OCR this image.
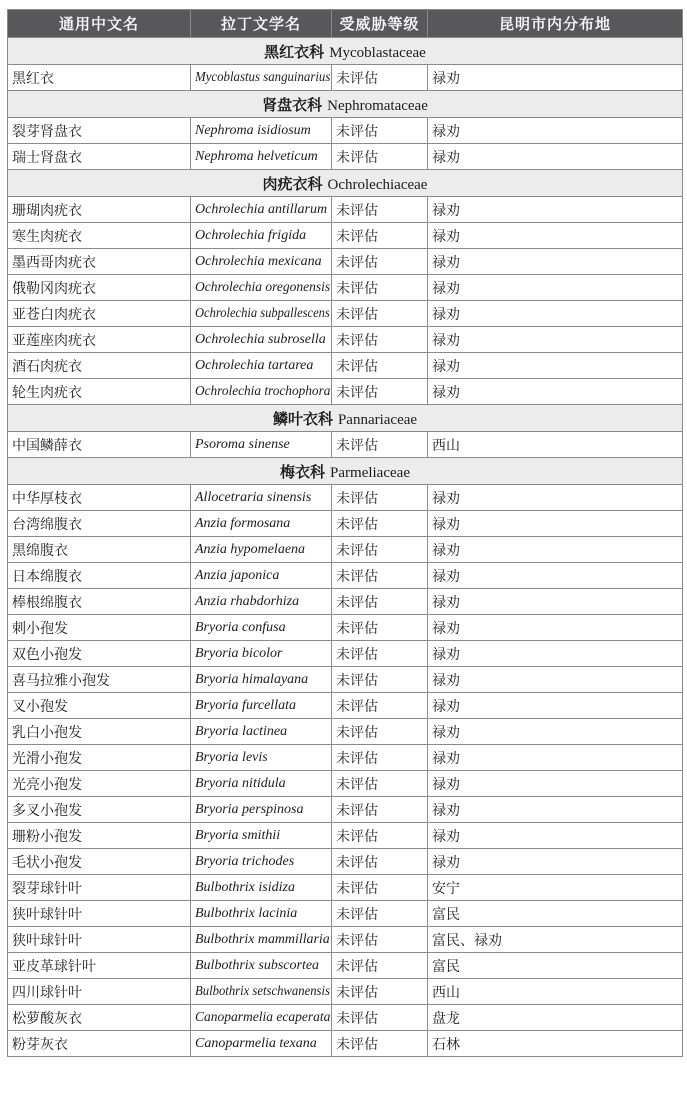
通用中文名	拉丁文学名	受威胁等级	昆明市内分布地
黑红衣科 Mycoblastaceae			
黑红衣	Mycoblastus sanguinarius	未评估	禄劝
肾盘衣科 Nephromataceae			
裂芽肾盘衣	Nephroma isidiosum	未评估	禄劝
瑞士肾盘衣	Nephroma helveticum	未评估	禄劝
肉疣衣科 Ochrolechiaceae			
珊瑚肉疣衣	Ochrolechia antillarum	未评估	禄劝
寒生肉疣衣	Ochrolechia frigida	未评估	禄劝
墨西哥肉疣衣	Ochrolechia mexicana	未评估	禄劝
俄勒冈肉疣衣	Ochrolechia oregonensis	未评估	禄劝
亚苍白肉疣衣	Ochrolechia subpallescens	未评估	禄劝
亚莲座肉疣衣	Ochrolechia subrosella	未评估	禄劝
酒石肉疣衣	Ochrolechia tartarea	未评估	禄劝
轮生肉疣衣	Ochrolechia trochophora	未评估	禄劝
鳞叶衣科 Pannariaceae			
中国鳞薛衣	Psoroma sinense	未评估	西山
梅衣科 Parmeliaceae			
中华厚枝衣	Allocetraria sinensis	未评估	禄劝
台湾绵腹衣	Anzia formosana	未评估	禄劝
黑绵腹衣	Anzia hypomelaena	未评估	禄劝
日本绵腹衣	Anzia japonica	未评估	禄劝
棒根绵腹衣	Anzia rhabdorhiza	未评估	禄劝
刺小孢发	Bryoria confusa	未评估	禄劝
双色小孢发	Bryoria bicolor	未评估	禄劝
喜马拉雅小孢发	Bryoria himalayana	未评估	禄劝
叉小孢发	Bryoria furcellata	未评估	禄劝
乳白小孢发	Bryoria lactinea	未评估	禄劝
光滑小孢发	Bryoria levis	未评估	禄劝
光亮小孢发	Bryoria nitidula	未评估	禄劝
多叉小孢发	Bryoria perspinosa	未评估	禄劝
珊粉小孢发	Bryoria smithii	未评估	禄劝
毛状小孢发	Bryoria trichodes	未评估	禄劝
裂芽球针叶	Bulbothrix isidiza	未评估	安宁
狭叶球针叶	Bulbothrix lacinia	未评估	富民
狭叶球针叶	Bulbothrix mammillaria	未评估	富民、禄劝
亚皮革球针叶	Bulbothrix subscortea	未评估	富民
四川球针叶	Bulbothrix setschwanensis	未评估	西山
松萝酸灰衣	Canoparmelia ecaperata	未评估	盘龙
粉芽灰衣	Canoparmelia texana	未评估	石林
